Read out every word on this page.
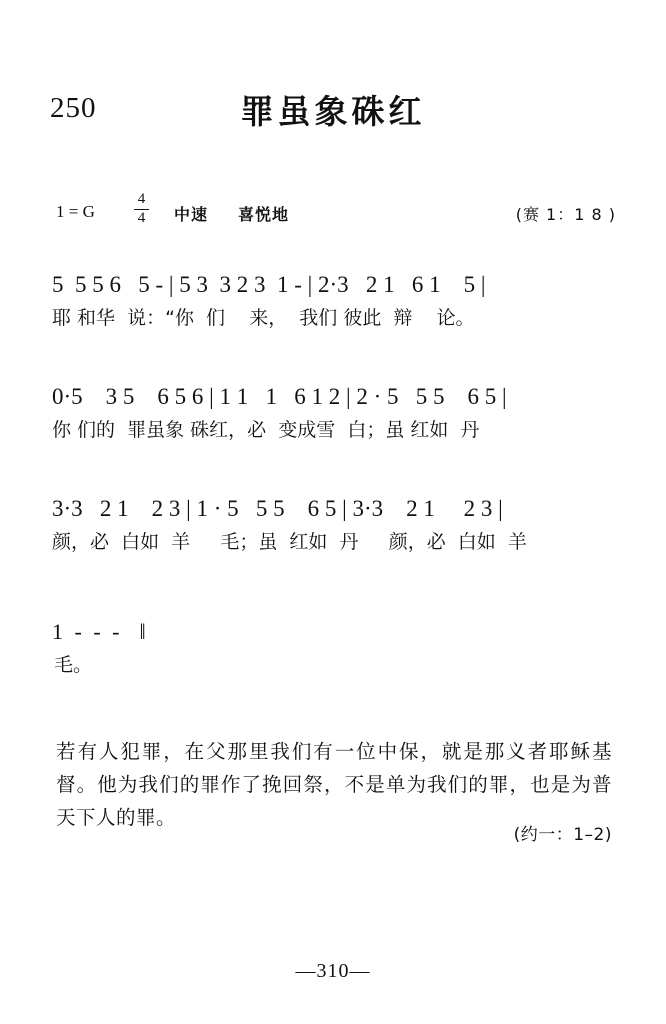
250	罪虽象硃红
1 = G
4
4 中速 喜悦地	(赛 1：1 8 )
5  5 5 6   5 - | 5 3  3 2 3  1 - | 2·3   2 1   6 1    5 |
耶 和华  说：“你  们    来，  我们 彼此  辩    论。
0·5    3 5    6 5 6 | 1 1   1   6 1 2 | 2 · 5   5 5    6 5 |
你 们的  罪虽象 硃红，必  变成雪  白；虽 红如  丹
3·3   2 1    2 3 | 1 · 5   5 5    6 5 | 3·3    2 1     2 3 |
颜，必  白如  羊     毛；虽  红如  丹     颜，必  白如  羊
1 - - -  ‖
毛。
若有人犯罪，在父那里我们有一位中保，就是那义者耶稣基督。他为我们的罪作了挽回祭，不是单为我们的罪，也是为普天下人的罪。
(约一：1–2)
—310—
